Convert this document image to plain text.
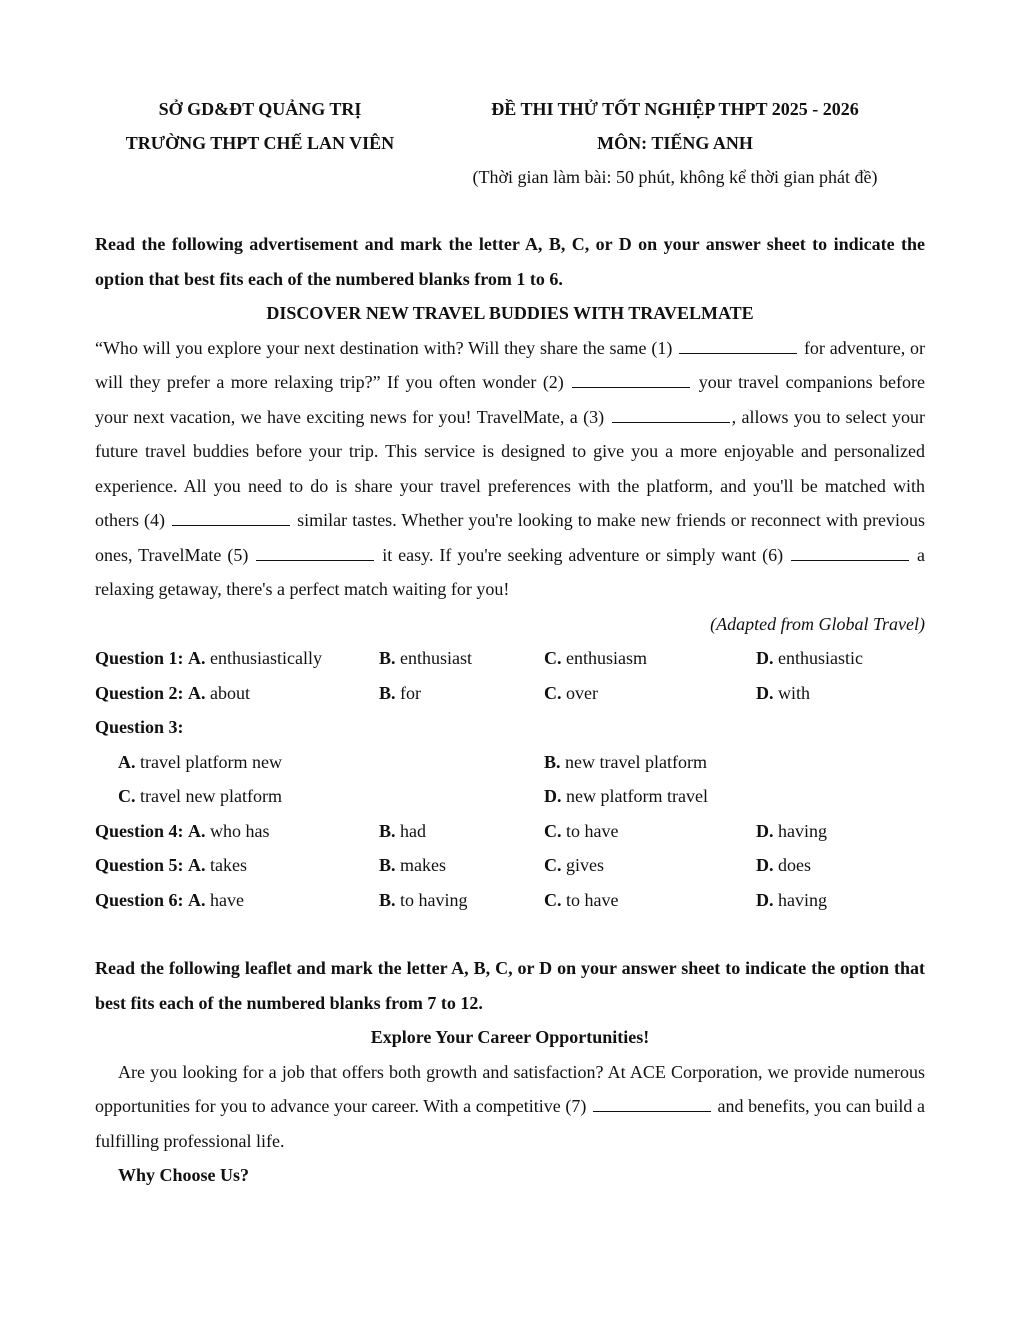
SỞ GD&ĐT QUẢNG TRỊ
TRƯỜNG THPT CHẾ LAN VIÊN
ĐỀ THI THỬ TỐT NGHIỆP THPT 2025 - 2026
MÔN: TIẾNG ANH
(Thời gian làm bài: 50 phút, không kể thời gian phát đề)
Read the following advertisement and mark the letter A, B, C, or D on your answer sheet to indicate the option that best fits each of the numbered blanks from 1 to 6.
DISCOVER NEW TRAVEL BUDDIES WITH TRAVELMATE
“Who will you explore your next destination with? Will they share the same (1)	for adventure, or will they prefer a more relaxing trip?” If you often wonder (2)	your travel companions before your next vacation, we have exciting news for you! TravelMate, a (3)	, allows you to select your future travel buddies before your trip. This service is designed to give you a more enjoyable and personalized experience. All you need to do is share your travel preferences with the platform, and you'll be matched with others (4)	similar tastes. Whether you're looking to make new friends or reconnect with previous ones, TravelMate (5)	it easy. If you're seeking adventure or simply want (6)	a relaxing getaway, there's a perfect match waiting for you!
(Adapted from Global Travel)
Question 1: A. enthusiastically	B. enthusiast	C. enthusiasm	D. enthusiastic
Question 2: A. about	B. for	C. over	D. with
Question 3:
A. travel platform new	B. new travel platform
C. travel new platform	D. new platform travel
Question 4: A. who has	B. had	C. to have	D. having
Question 5: A. takes	B. makes	C. gives	D. does
Question 6: A. have	B. to having	C. to have	D. having
Read the following leaflet and mark the letter A, B, C, or D on your answer sheet to indicate the option that best fits each of the numbered blanks from 7 to 12.
Explore Your Career Opportunities!
Are you looking for a job that offers both growth and satisfaction? At ACE Corporation, we provide numerous opportunities for you to advance your career. With a competitive (7)	and benefits, you can build a fulfilling professional life.
Why Choose Us?
